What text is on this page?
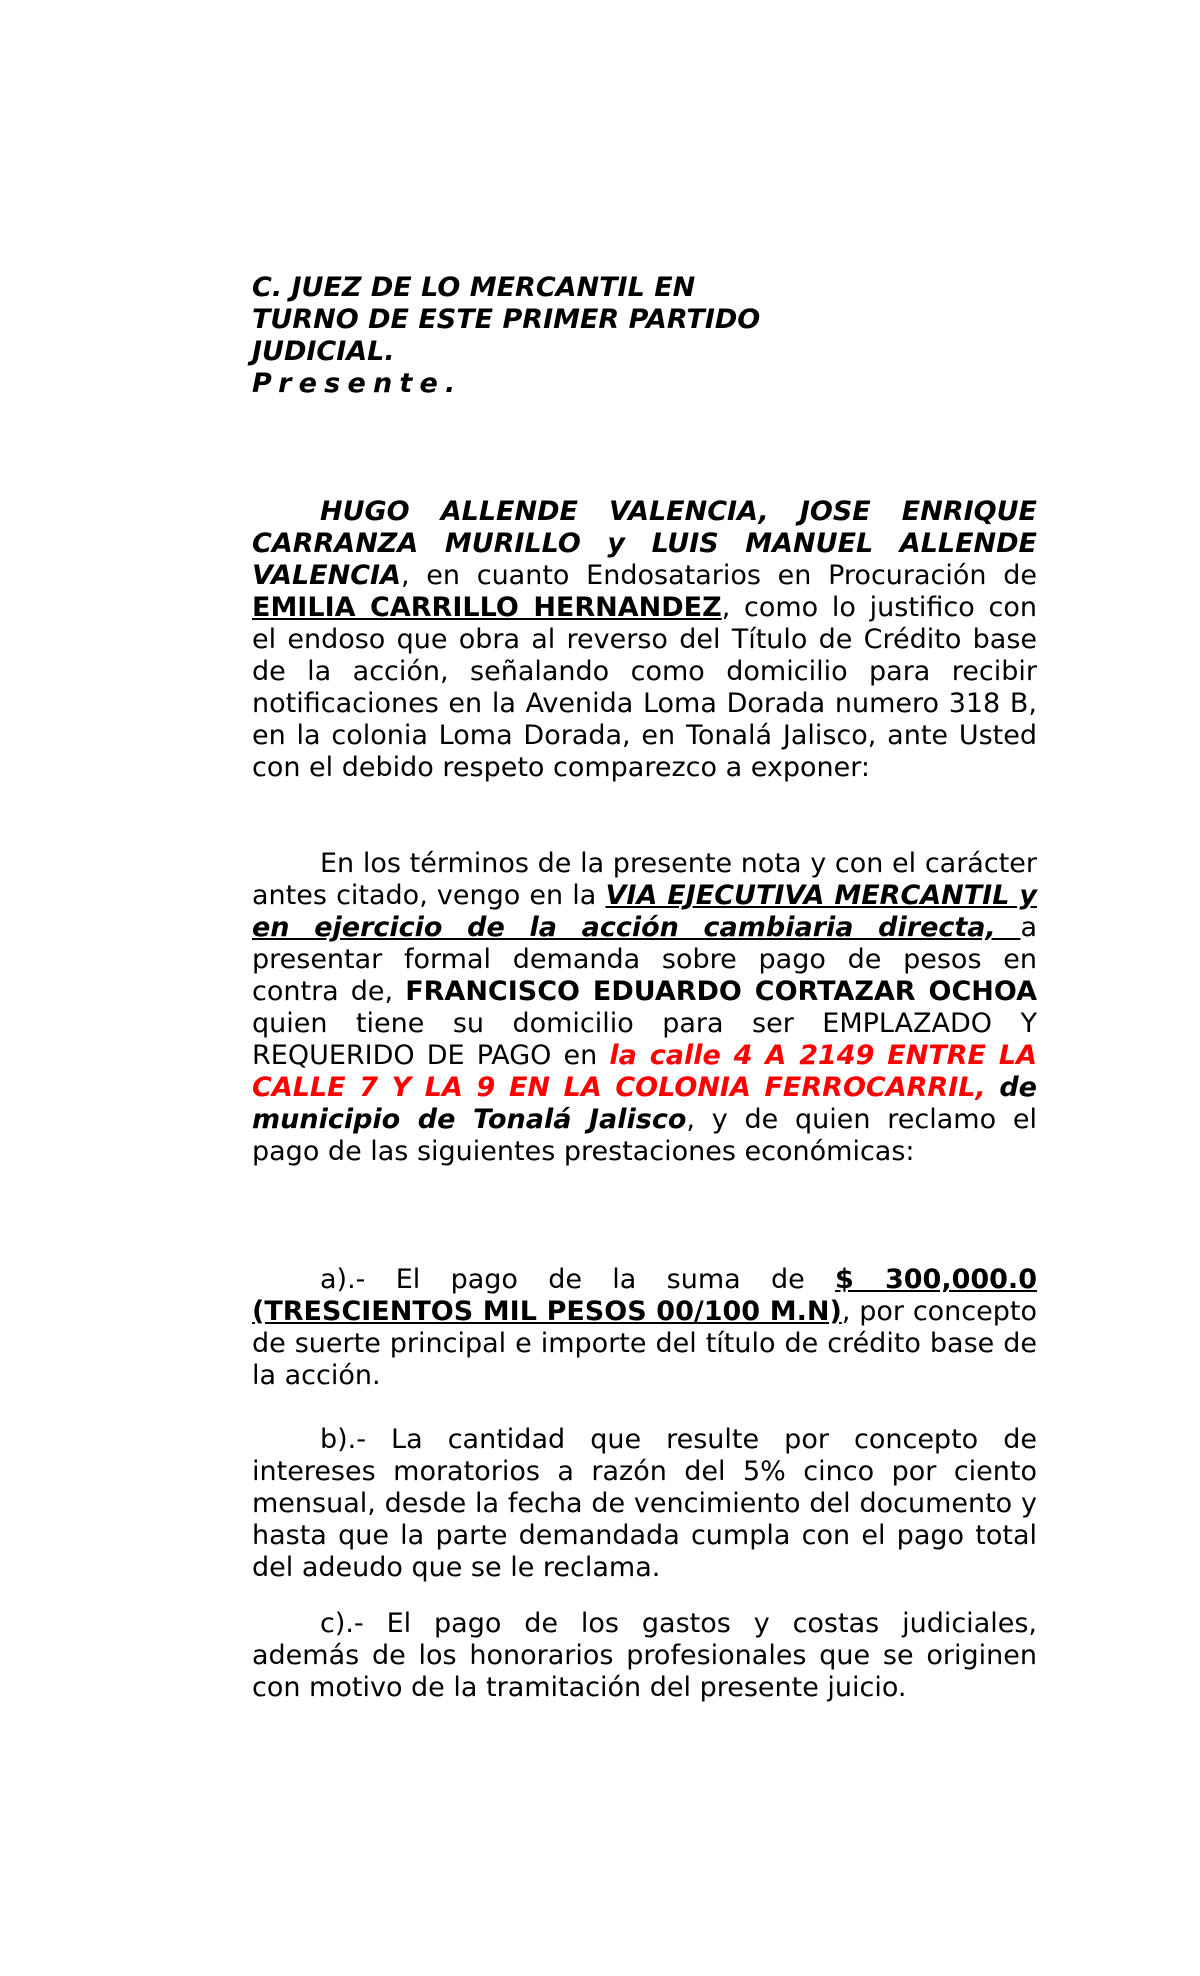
C. JUEZ DE LO MERCANTIL EN
TURNO DE ESTE PRIMER PARTIDO
JUDICIAL.
Presente.

HUGO ALLENDE VALENCIA, JOSE ENRIQUE CARRANZA MURILLO y LUIS MANUEL ALLENDE VALENCIA, en cuanto Endosatarios en Procuración de EMILIA CARRILLO HERNANDEZ, como lo justifico con el endoso que obra al reverso del Título de Crédito base de la acción, señalando como domicilio para recibir notificaciones en la Avenida Loma Dorada numero 318 B, en la colonia Loma Dorada, en Tonalá Jalisco, ante Usted con el debido respeto comparezco a exponer:

En los términos de la presente nota y con el carácter antes citado, vengo en la VIA EJECUTIVA MERCANTIL y en ejercicio de la acción cambiaria directa, a presentar formal demanda sobre pago de pesos en contra de, FRANCISCO EDUARDO CORTAZAR OCHOA quien tiene su domicilio para ser EMPLAZADO Y REQUERIDO DE PAGO en la calle 4 A 2149 ENTRE LA CALLE 7 Y LA 9 EN LA COLONIA FERROCARRIL, de municipio de Tonalá Jalisco, y de quien reclamo el pago de las siguientes prestaciones económicas:

a).- El pago de la suma de $ 300,000.0 (TRESCIENTOS MIL PESOS 00/100 M.N), por concepto de suerte principal e importe del título de crédito base de la acción.

b).- La cantidad que resulte por concepto de intereses moratorios a razón del 5% cinco por ciento mensual, desde la fecha de vencimiento del documento y hasta que la parte demandada cumpla con el pago total del adeudo que se le reclama.

c).- El pago de los gastos y costas judiciales, además de los honorarios profesionales que se originen con motivo de la tramitación del presente juicio.
